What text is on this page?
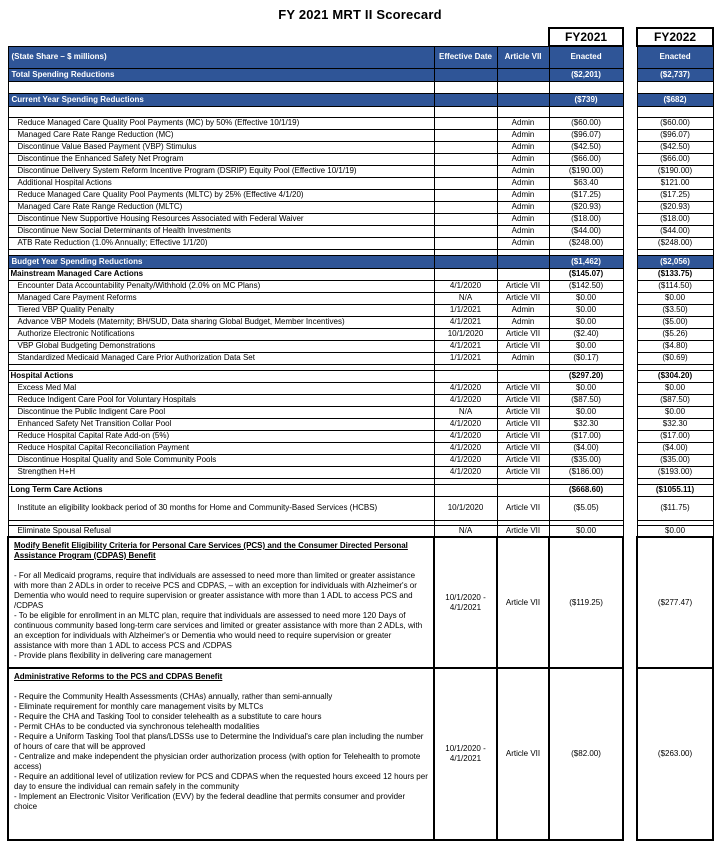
FY 2021 MRT II Scorecard
			FY2021		FY2022
(State Share – $ millions)	Effective Date	Article VII	Enacted		Enacted
Total Spending Reductions			($2,201)		($2,737)

Current Year Spending Reductions			($739)		($682)

Reduce Managed Care Quality Pool Payments (MC) by 50% (Effective 10/1/19)		Admin	($60.00)		($60.00)
Managed Care Rate Range Reduction (MC)		Admin	($96.07)		($96.07)
Discontinue Value Based Payment (VBP) Stimulus		Admin	($42.50)		($42.50)
Discontinue the Enhanced Safety Net Program		Admin	($66.00)		($66.00)
Discontinue Delivery System Reform Incentive Program (DSRIP) Equity Pool (Effective 10/1/19)		Admin	($190.00)		($190.00)
Additional Hospital Actions		Admin	$63.40		$121.00
Reduce Managed Care Quality Pool Payments (MLTC) by 25% (Effective 4/1/20)		Admin	($17.25)		($17.25)
Managed Care Rate Range Reduction (MLTC)		Admin	($20.93)		($20.93)
Discontinue New Supportive Housing Resources Associated with Federal Waiver		Admin	($18.00)		($18.00)
Discontinue New Social Determinants of Health Investments		Admin	($44.00)		($44.00)
ATB Rate Reduction (1.0% Annually; Effective 1/1/20)		Admin	($248.00)		($248.00)

Budget Year Spending Reductions			($1,462)		($2,056)
Mainstream Managed Care Actions			($145.07)		($133.75)
Encounter Data Accountability Penalty/Withhold (2.0% on MC Plans)	4/1/2020	Article VII	($142.50)		($114.50)
Managed Care Payment Reforms	N/A	Article VII	$0.00		$0.00
Tiered VBP Quality Penalty	1/1/2021	Admin	$0.00		($3.50)
Advance VBP Models (Maternity; BH/SUD, Data sharing Global Budget, Member Incentives)	4/1/2021	Admin	$0.00		($5.00)
Authorize Electronic Notifications	10/1/2020	Article VII	($2.40)		($5.26)
VBP Global Budgeting Demonstrations	4/1/2021	Article VII	$0.00		($4.80)
Standardized Medicaid Managed Care Prior Authorization Data Set	1/1/2021	Admin	($0.17)		($0.69)

Hospital Actions			($297.20)		($304.20)
Excess Med Mal	4/1/2020	Article VII	$0.00		$0.00
Reduce Indigent Care Pool for Voluntary Hospitals	4/1/2020	Article VII	($87.50)		($87.50)
Discontinue the Public Indigent Care Pool	N/A	Article VII	$0.00		$0.00
Enhanced Safety Net Transition Collar Pool	4/1/2020	Article VII	$32.30		$32.30
Reduce Hospital Capital Rate Add-on (5%)	4/1/2020	Article VII	($17.00)		($17.00)
Reduce Hospital Capital Reconciliation Payment	4/1/2020	Article VII	($4.00)		($4.00)
Discontinue Hospital Quality and Sole Community Pools	4/1/2020	Article VII	($35.00)		($35.00)
Strengthen H+H	4/1/2020	Article VII	($186.00)		($193.00)

Long Term Care Actions			($668.60)		($1055.11)
Institute an eligibility lookback period of 30 months for Home and Community-Based Services (HCBS)	10/1/2020	Article VII	($5.05)		($11.75)

Eliminate Spousal Refusal	N/A	Article VII	$0.00		$0.00

Modify Benefit Eligibility Criteria for Personal Care Services (PCS) and the Consumer Directed Personal Assistance Program (CDPAS) Benefit
- For all Medicaid programs, require that individuals are assessed to need more than limited or greater assistance with more than 2 ADLs in order to receive PCS and CDPAS, – with an exception for individuals with Alzheimer's or Dementia who would need to require supervision or greater assistance with more than 1 ADL to access PCS and /CDPAS
- To be eligible for enrollment in an MLTC plan, require that individuals are assessed to need more 120 Days of continuous community based long-term care services and limited or greater assistance with more than 2 ADLs, with an exception for individuals with Alzheimer's or Dementia who would need to require supervision or greater assistance with more than 1 ADL to access PCS and /CDPAS
- Provide plans flexibility in delivering care management	10/1/2020 - 4/1/2021	Article VII	($119.25)		($277.47)

Administrative Reforms to the PCS and CDPAS Benefit
- Require the Community Health Assessments (CHAs) annually, rather than semi-annually
- Eliminate requirement for monthly care management visits by MLTCs
- Require the CHA and Tasking Tool to consider telehealth as a substitute to care hours
- Permit CHAs to be conducted via synchronous telehealth modalities
- Require a Uniform Tasking Tool that plans/LDSSs use to Determine the Individual's care plan including the number of hours of care that will be approved
- Centralize and make independent the physician order authorization process (with option for Telehealth to promote access)
- Require an additional level of utilization review for PCS and CDPAS when the requested hours exceed 12 hours per day to ensure the individual can remain safely in the community
- Implement an Electronic Visitor Verification (EVV) by the federal deadline that permits consumer and provider choice
	10/1/2020 - 4/1/2021	Article VII	($82.00)		($263.00)
